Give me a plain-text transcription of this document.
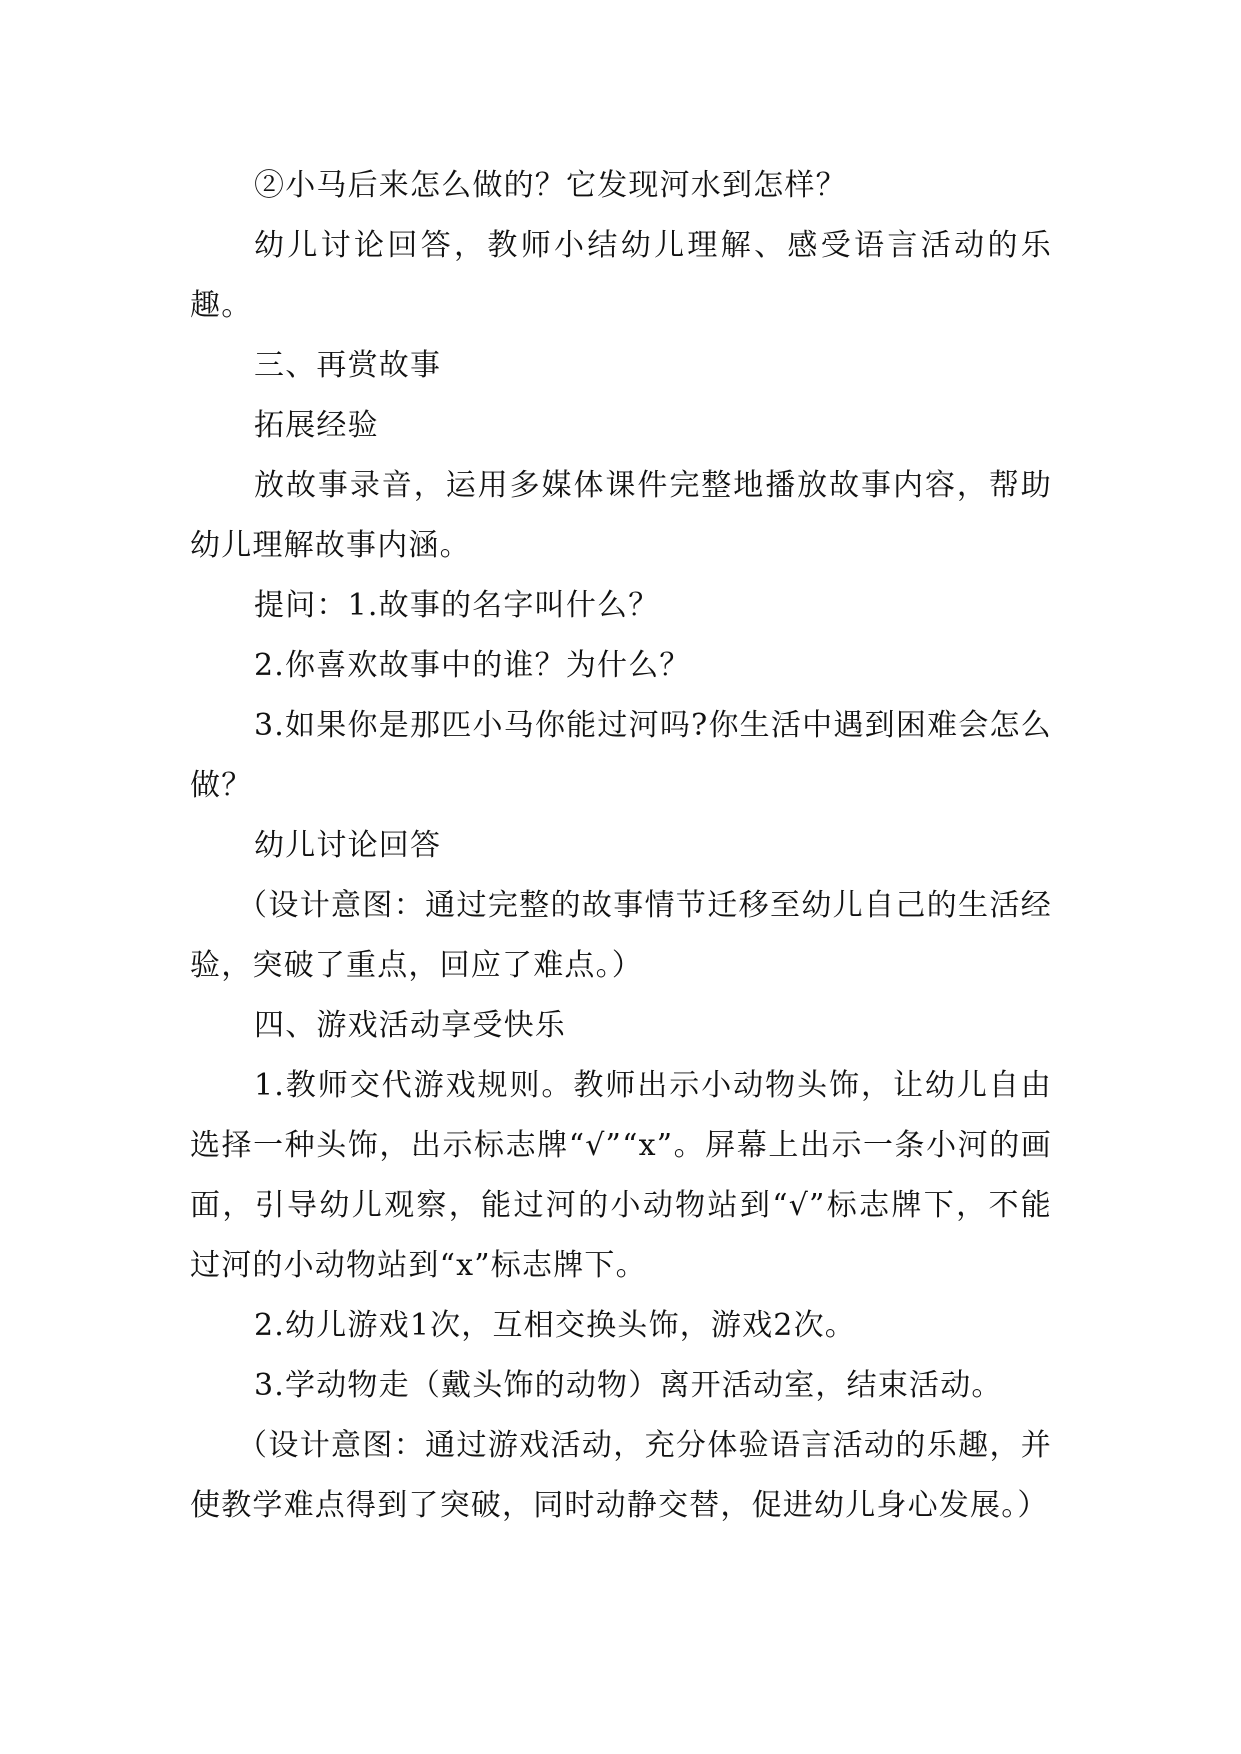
②小马后来怎么做的？它发现河水到怎样？

幼儿讨论回答，教师小结幼儿理解、感受语言活动的乐趣。

三、再赏故事

拓展经验

放故事录音，运用多媒体课件完整地播放故事内容，帮助幼儿理解故事内涵。

提问：1.故事的名字叫什么？

2.你喜欢故事中的谁？为什么？

3.如果你是那匹小马你能过河吗?你生活中遇到困难会怎么做？

幼儿讨论回答

（设计意图：通过完整的故事情节迁移至幼儿自己的生活经验，突破了重点，回应了难点。）

四、游戏活动享受快乐

1.教师交代游戏规则。教师出示小动物头饰，让幼儿自由选择一种头饰，出示标志牌“√”“x”。屏幕上出示一条小河的画面，引导幼儿观察，能过河的小动物站到“√”标志牌下，不能过河的小动物站到“x”标志牌下。

2.幼儿游戏1次，互相交换头饰，游戏2次。

3.学动物走（戴头饰的动物）离开活动室，结束活动。

（设计意图：通过游戏活动，充分体验语言活动的乐趣，并使教学难点得到了突破，同时动静交替，促进幼儿身心发展。）
